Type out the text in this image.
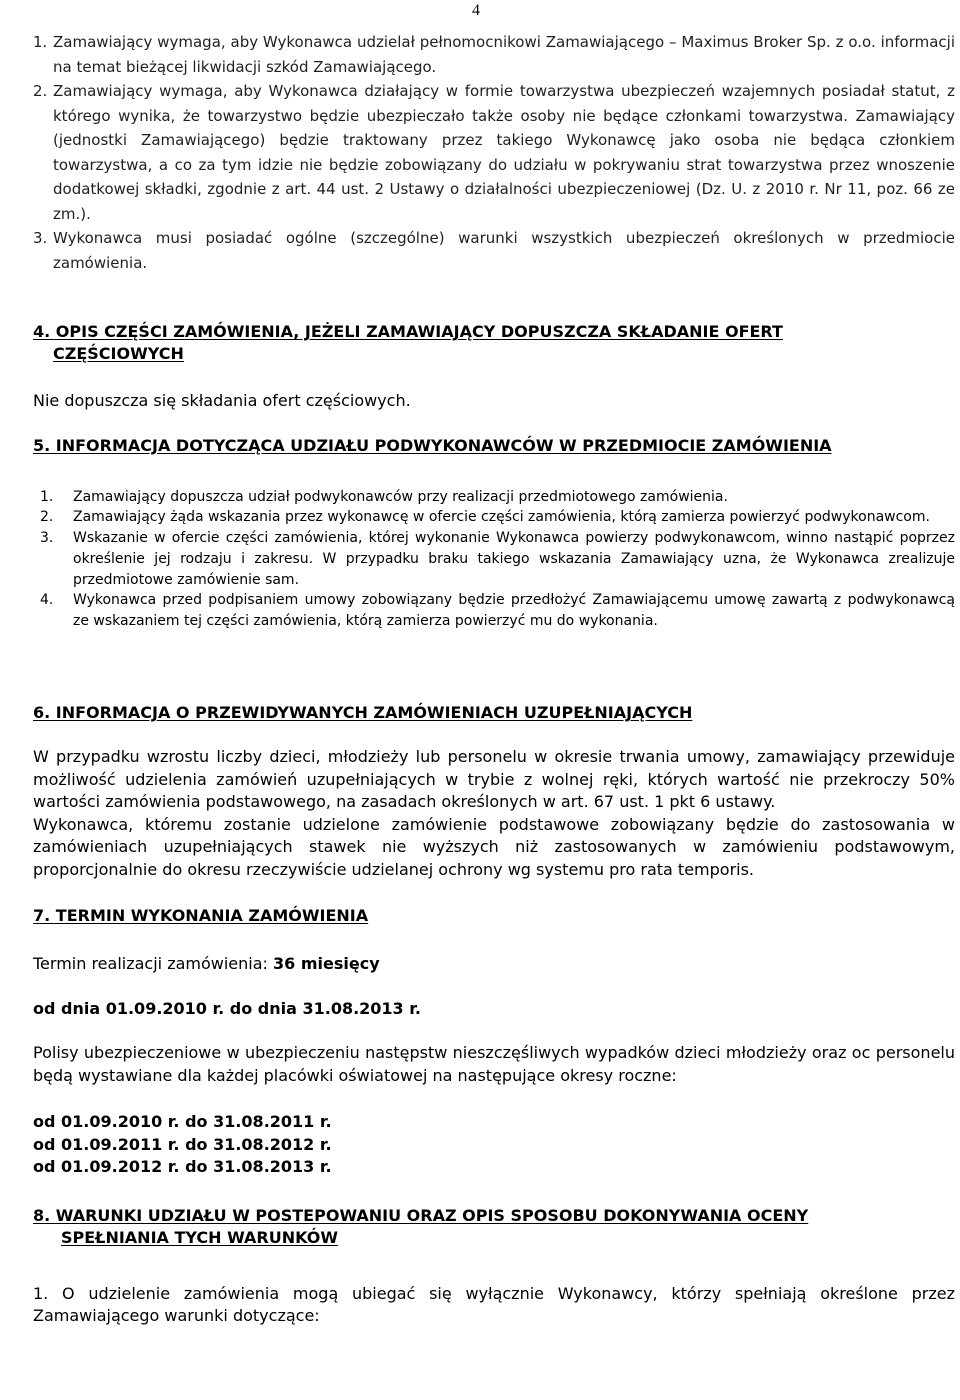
4
1. Zamawiający wymaga, aby Wykonawca udzielał pełnomocnikowi Zamawiającego – Maximus Broker Sp. z o.o. informacji na temat bieżącej likwidacji szkód Zamawiającego.
2. Zamawiający wymaga, aby Wykonawca działający w formie towarzystwa ubezpieczeń wzajemnych posiadał statut, z którego wynika, że towarzystwo będzie ubezpieczało także osoby nie będące członkami towarzystwa. Zamawiający (jednostki Zamawiającego) będzie traktowany przez takiego Wykonawcę jako osoba nie będąca członkiem towarzystwa, a co za tym idzie nie będzie zobowiązany do udziału w pokrywaniu strat towarzystwa przez wnoszenie dodatkowej składki, zgodnie z art. 44 ust. 2 Ustawy o działalności ubezpieczeniowej (Dz. U. z 2010 r. Nr 11, poz. 66 ze zm.).
3. Wykonawca musi posiadać ogólne (szczególne) warunki wszystkich ubezpieczeń określonych w przedmiocie zamówienia.
4. OPIS CZĘŚCI ZAMÓWIENIA, JEŻELI ZAMAWIAJĄCY DOPUSZCZA SKŁADANIE OFERT
CZĘŚCIOWYCH
Nie dopuszcza się składania ofert częściowych.
5. INFORMACJA DOTYCZĄCA UDZIAŁU PODWYKONAWCÓW W PRZEDMIOCIE ZAMÓWIENIA
1. Zamawiający dopuszcza udział podwykonawców przy realizacji przedmiotowego zamówienia.
2. Zamawiający żąda wskazania przez wykonawcę w ofercie części zamówienia, którą zamierza powierzyć podwykonawcom.
3. Wskazanie w ofercie części zamówienia, której wykonanie Wykonawca powierzy podwykonawcom, winno nastąpić poprzez określenie jej rodzaju i zakresu. W przypadku braku takiego wskazania Zamawiający uzna, że Wykonawca zrealizuje przedmiotowe zamówienie sam.
4. Wykonawca przed podpisaniem umowy zobowiązany będzie przedłożyć Zamawiającemu umowę zawartą z podwykonawcą ze wskazaniem tej części zamówienia, którą zamierza powierzyć mu do wykonania.
6. INFORMACJA O PRZEWIDYWANYCH ZAMÓWIENIACH UZUPEŁNIAJĄCYCH
W przypadku wzrostu liczby dzieci, młodzieży lub personelu w okresie trwania umowy, zamawiający przewiduje możliwość udzielenia zamówień uzupełniających w trybie z wolnej ręki, których wartość nie przekroczy 50% wartości zamówienia podstawowego, na zasadach określonych w art. 67 ust. 1 pkt 6 ustawy.
Wykonawca, któremu zostanie udzielone zamówienie podstawowe zobowiązany będzie do zastosowania w zamówieniach uzupełniających stawek nie wyższych niż zastosowanych w zamówieniu podstawowym, proporcjonalnie do okresu rzeczywiście udzielanej ochrony wg systemu pro rata temporis.
7. TERMIN WYKONANIA ZAMÓWIENIA
Termin realizacji zamówienia: 36 miesięcy
od dnia 01.09.2010 r. do dnia 31.08.2013 r.
Polisy ubezpieczeniowe w ubezpieczeniu następstw nieszczęśliwych wypadków dzieci młodzieży oraz oc personelu będą wystawiane dla każdej placówki oświatowej na następujące okresy roczne:
od 01.09.2010 r. do 31.08.2011 r.
od 01.09.2011 r. do 31.08.2012 r.
od 01.09.2012 r. do 31.08.2013 r.
8. WARUNKI UDZIAŁU W POSTEPOWANIU ORAZ OPIS SPOSOBU DOKONYWANIA OCENY
SPEŁNIANIA TYCH WARUNKÓW
1. O udzielenie zamówienia mogą ubiegać się wyłącznie Wykonawcy, którzy spełniają określone przez Zamawiającego warunki dotyczące:
